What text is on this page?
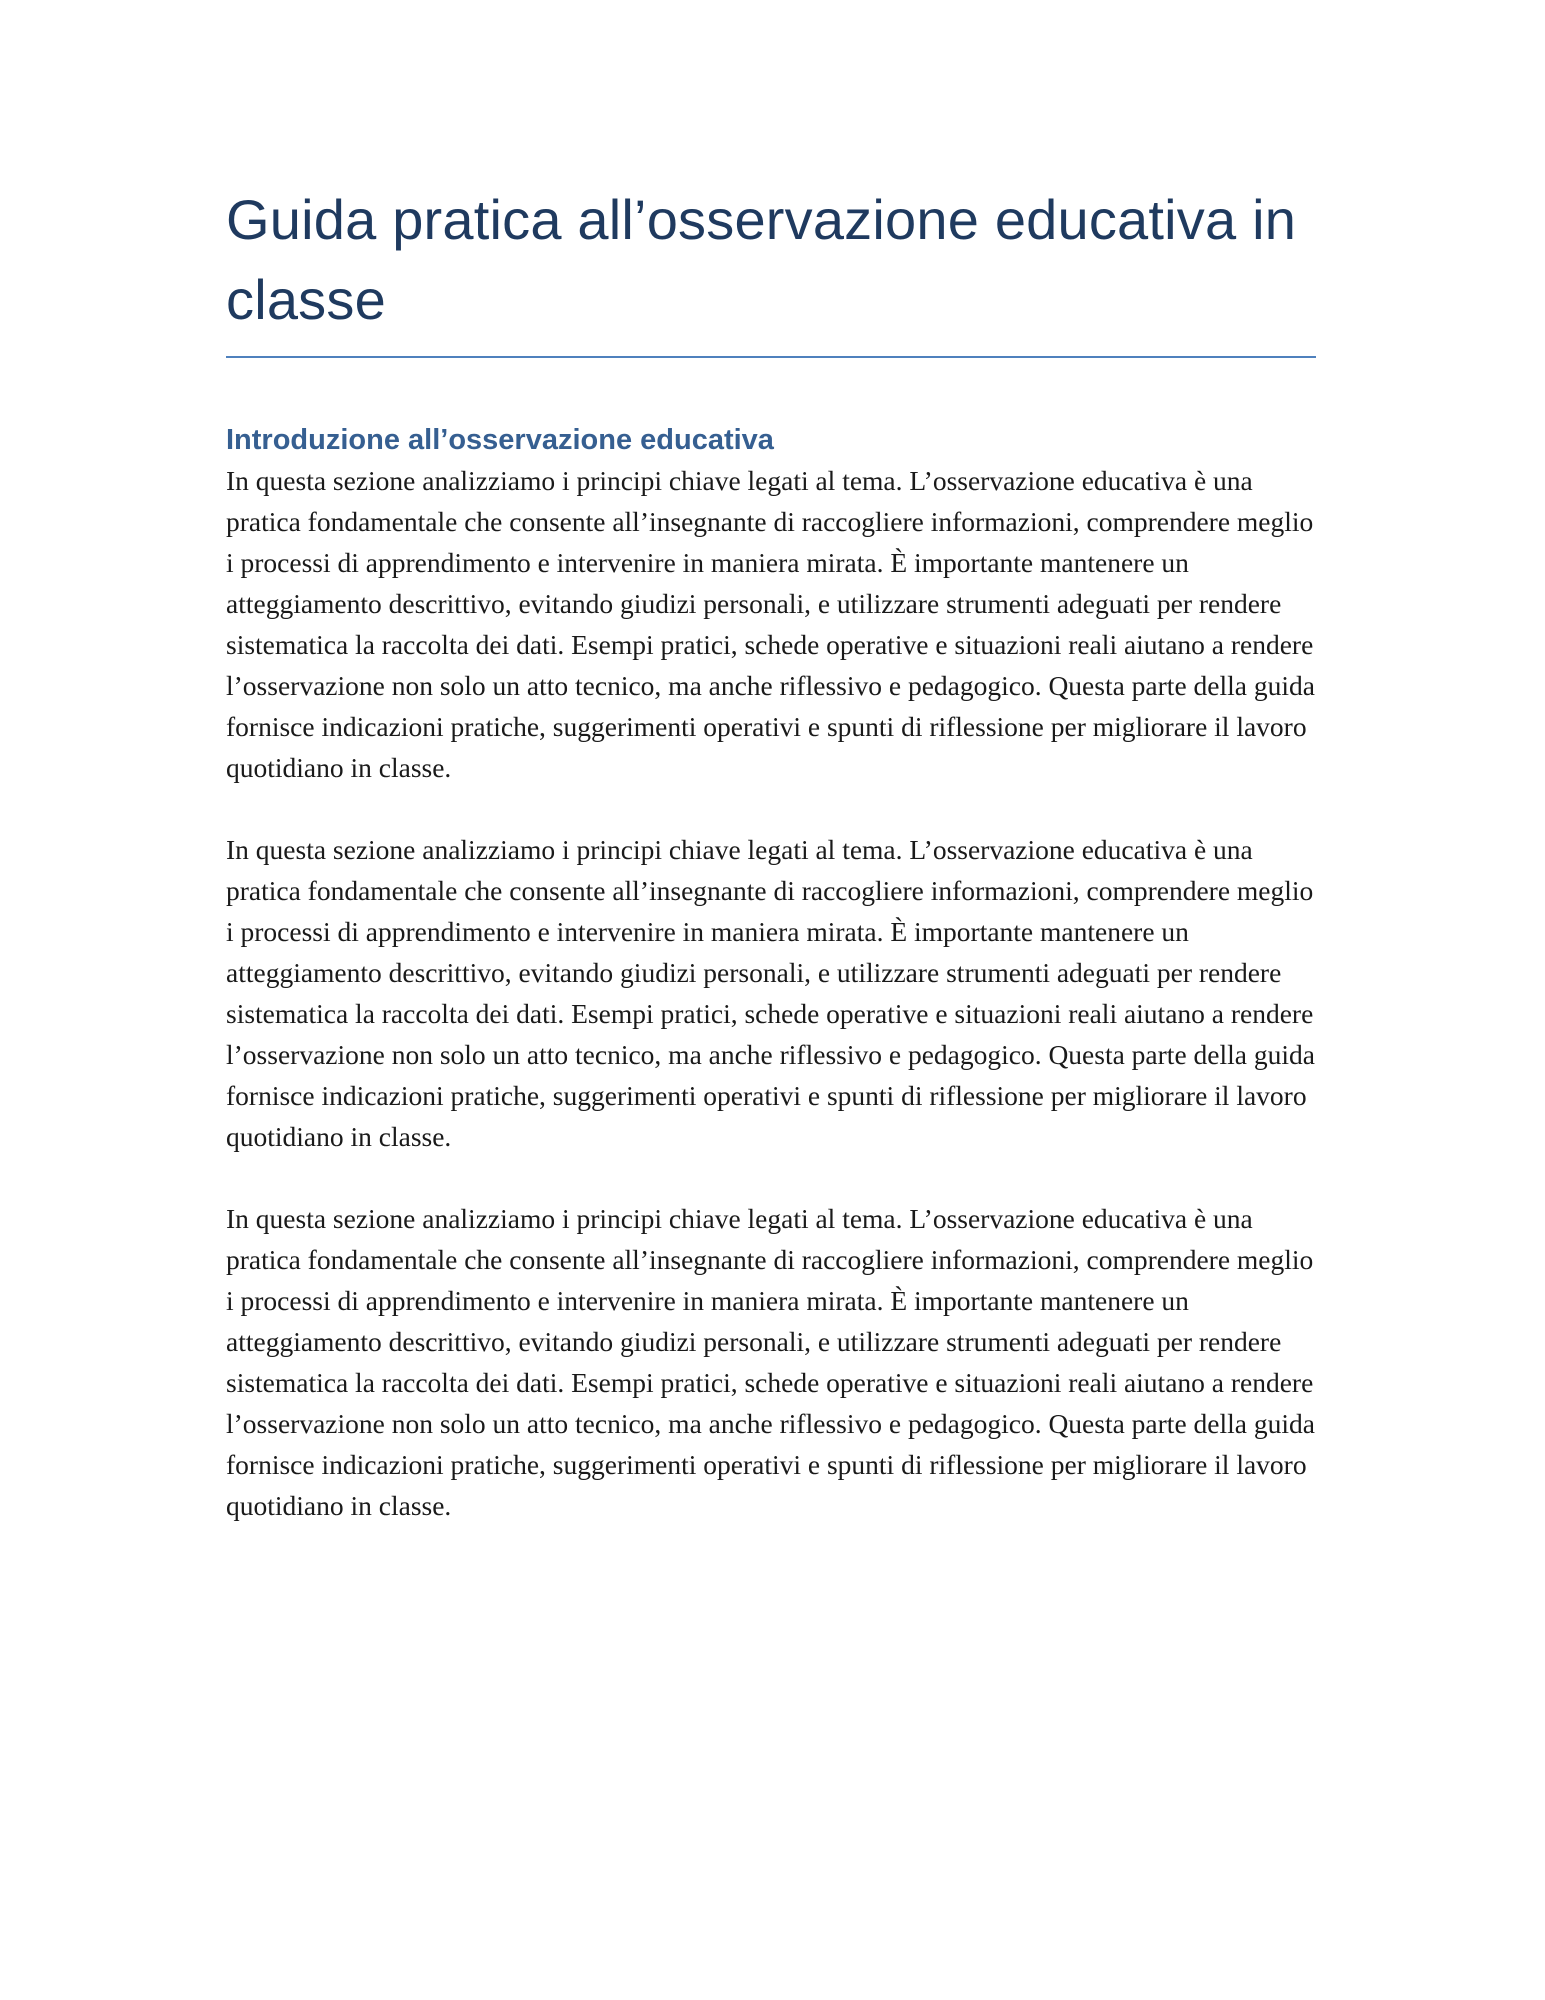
Guida pratica all’osservazione educativa in classe
Introduzione all’osservazione educativa

In questa sezione analizziamo i principi chiave legati al tema. L’osservazione educativa è una pratica fondamentale che consente all’insegnante di raccogliere informazioni, comprendere meglio i processi di apprendimento e intervenire in maniera mirata. È importante mantenere un atteggiamento descrittivo, evitando giudizi personali, e utilizzare strumenti adeguati per rendere sistematica la raccolta dei dati. Esempi pratici, schede operative e situazioni reali aiutano a rendere l’osservazione non solo un atto tecnico, ma anche riflessivo e pedagogico. Questa parte della guida fornisce indicazioni pratiche, suggerimenti operativi e spunti di riflessione per migliorare il lavoro quotidiano in classe.

In questa sezione analizziamo i principi chiave legati al tema. L’osservazione educativa è una pratica fondamentale che consente all’insegnante di raccogliere informazioni, comprendere meglio i processi di apprendimento e intervenire in maniera mirata. È importante mantenere un atteggiamento descrittivo, evitando giudizi personali, e utilizzare strumenti adeguati per rendere sistematica la raccolta dei dati. Esempi pratici, schede operative e situazioni reali aiutano a rendere l’osservazione non solo un atto tecnico, ma anche riflessivo e pedagogico. Questa parte della guida fornisce indicazioni pratiche, suggerimenti operativi e spunti di riflessione per migliorare il lavoro quotidiano in classe.

In questa sezione analizziamo i principi chiave legati al tema. L’osservazione educativa è una pratica fondamentale che consente all’insegnante di raccogliere informazioni, comprendere meglio i processi di apprendimento e intervenire in maniera mirata. È importante mantenere un atteggiamento descrittivo, evitando giudizi personali, e utilizzare strumenti adeguati per rendere sistematica la raccolta dei dati. Esempi pratici, schede operative e situazioni reali aiutano a rendere l’osservazione non solo un atto tecnico, ma anche riflessivo e pedagogico. Questa parte della guida fornisce indicazioni pratiche, suggerimenti operativi e spunti di riflessione per migliorare il lavoro quotidiano in classe.
